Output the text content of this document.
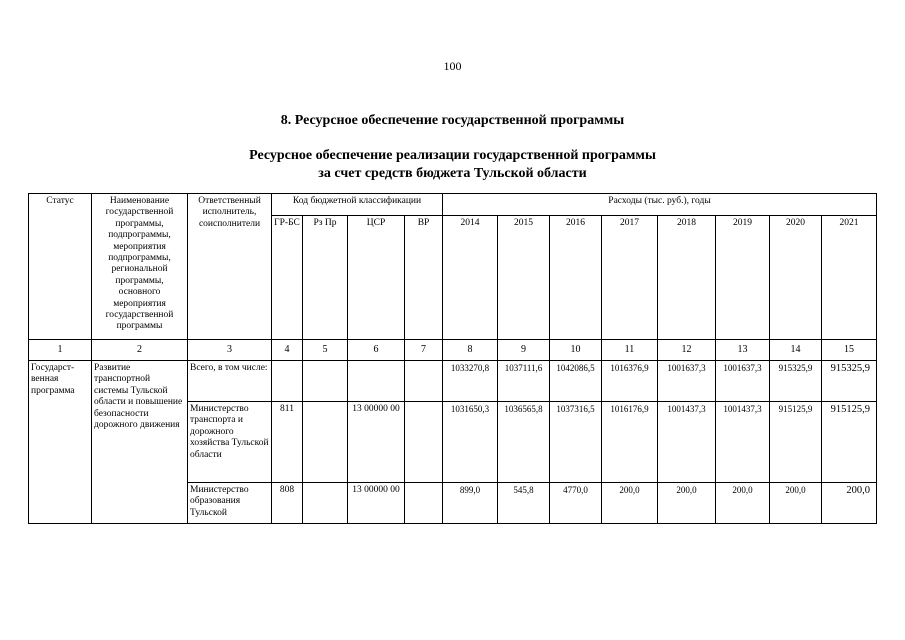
100
8. Ресурсное обеспечение государственной программы
Ресурсное обеспечение реализации государственной программы
за счет средств бюджета Тульской области
Статус	Наименование государственной программы, подпрограммы, мероприятия подпрограммы, региональной программы, основного мероприятия государственной программы	Ответственный исполнитель, соисполнители	Код бюджетной классификации				Расходы (тыс. руб.), годы							
			ГР-БС	Рз Пр	ЦСР	ВР	2014	2015	2016	2017	2018	2019	2020	2021
1	2	3	4	5	6	7	8	9	10	11	12	13	14	15
Государст-венная программа	Развитие транспортной системы Тульской области и повышение безопасности дорожного движения	Всего, в том числе:					1033270,8	1037111,6	1042086,5	1016376,9	1001637,3	1001637,3	915325,9	915325,9
		Министерство транспорта и дорожного хозяйства Тульской области	811		13 00000 00		1031650,3	1036565,8	1037316,5	1016176,9	1001437,3	1001437,3	915125,9	915125,9
		Министерство образования Тульской	808		13 00000 00		899,0	545,8	4770,0	200,0	200,0	200,0	200,0	200,0
